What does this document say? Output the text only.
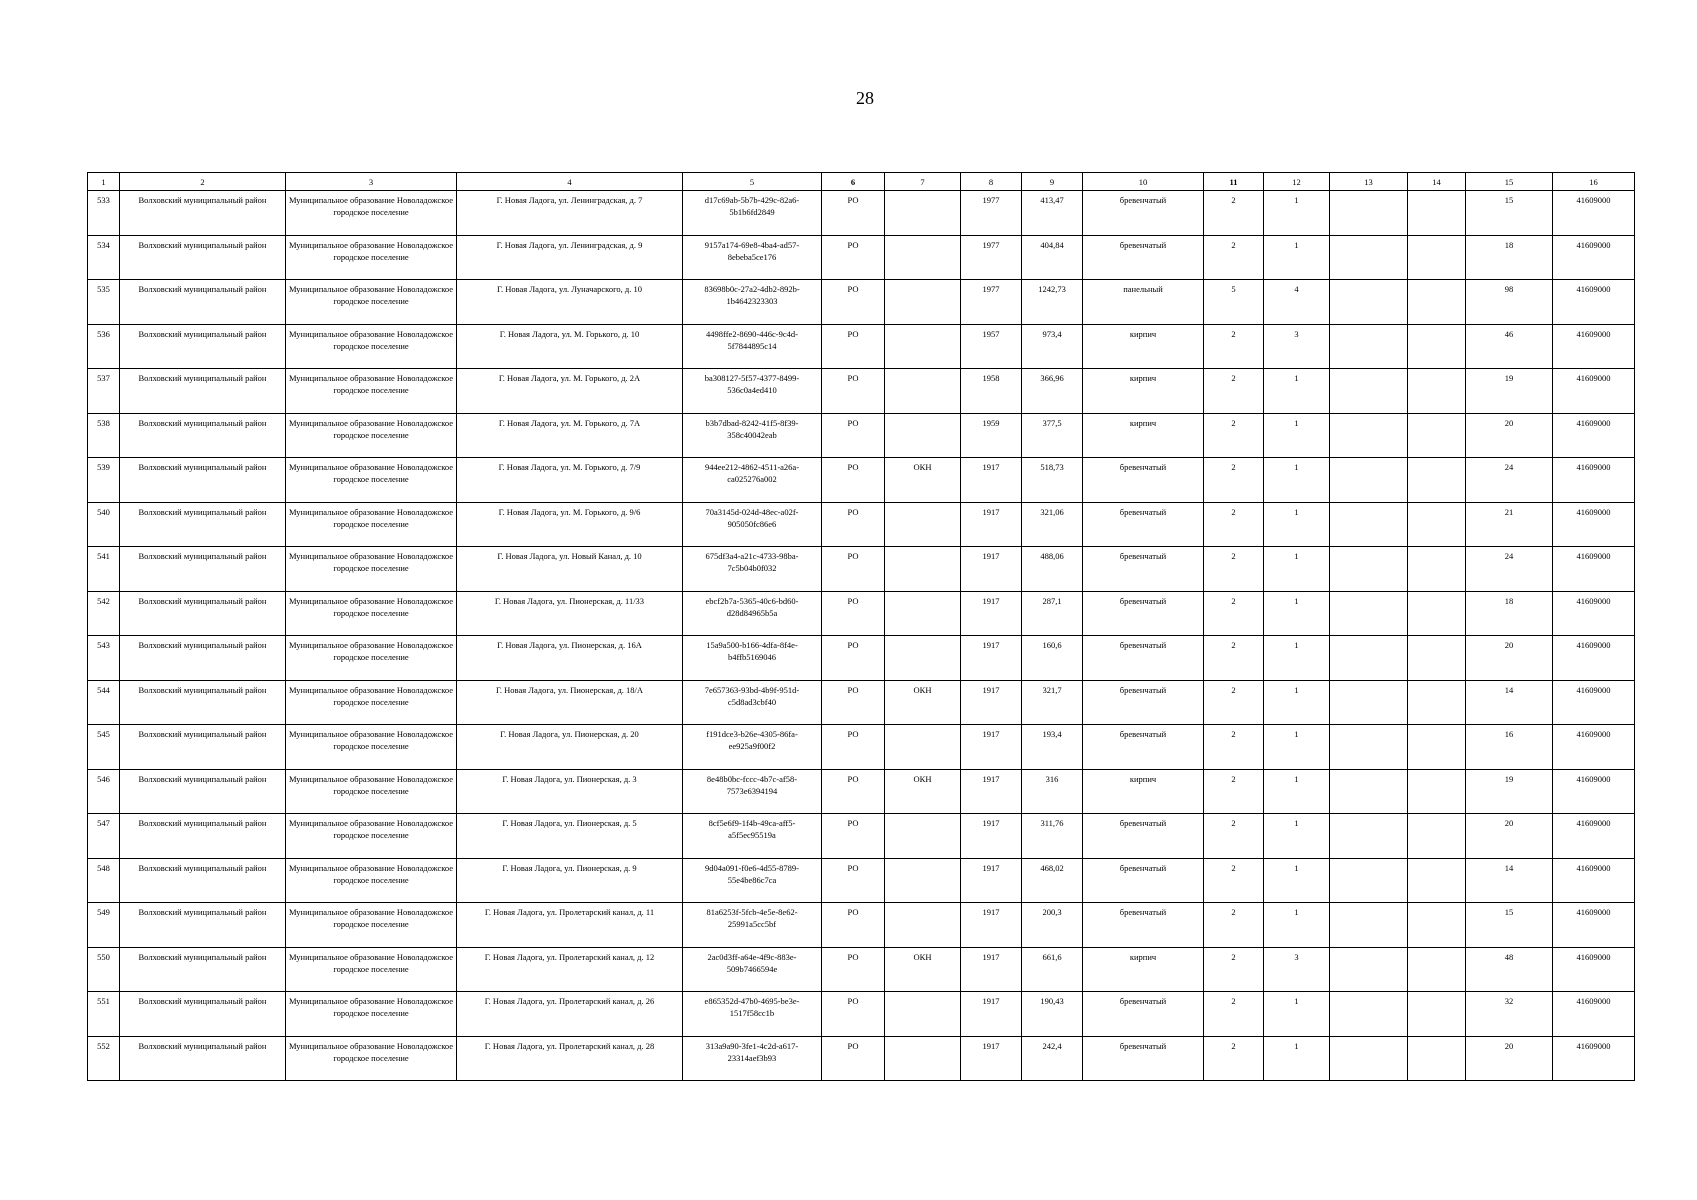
28
1	2	3	4	5	6	7	8	9	10	11	12	13	14	15	16
533	Волховский муниципальный район	Муниципальное образование Новоладожское городское поселение	Г. Новая Ладога, ул. Ленинградская, д. 7	d17c69ab-5b7b-429c-82a6-5b1b6fd2849	РО		1977	413,47	бревенчатый	2	1			15	41609000
534	Волховский муниципальный район	Муниципальное образование Новоладожское городское поселение	Г. Новая Ладога, ул. Ленинградская, д. 9	9157a174-69e8-4ba4-ad57-8ebeba5ce176	РО		1977	404,84	бревенчатый	2	1			18	41609000
535	Волховский муниципальный район	Муниципальное образование Новоладожское городское поселение	Г. Новая Ладога, ул. Луначарского, д. 10	83698b0c-27a2-4db2-892b-1b4642323303	РО		1977	1242,73	панельный	5	4			98	41609000
536	Волховский муниципальный район	Муниципальное образование Новоладожское городское поселение	Г. Новая Ладога, ул. М. Горького, д. 10	4498ffe2-8690-446c-9c4d-5f7844895c14	РО		1957	973,4	кирпич	2	3			46	41609000
537	Волховский муниципальный район	Муниципальное образование Новоладожское городское поселение	Г. Новая Ладога, ул. М. Горького, д. 2А	ba308127-5f57-4377-8499-536c0a4ed410	РО		1958	366,96	кирпич	2	1			19	41609000
538	Волховский муниципальный район	Муниципальное образование Новоладожское городское поселение	Г. Новая Ладога, ул. М. Горького, д. 7А	b3b7dbad-8242-41f5-8f39-358c40042eab	РО		1959	377,5	кирпич	2	1			20	41609000
539	Волховский муниципальный район	Муниципальное образование Новоладожское городское поселение	Г. Новая Ладога, ул. М. Горького, д. 7/9	944ee212-4862-4511-a26a-ca025276a002	РО	ОКН	1917	518,73	бревенчатый	2	1			24	41609000
540	Волховский муниципальный район	Муниципальное образование Новоладожское городское поселение	Г. Новая Ладога, ул. М. Горького, д. 9/6	70a3145d-024d-48ec-a02f-905050fc86e6	РО		1917	321,06	бревенчатый	2	1			21	41609000
541	Волховский муниципальный район	Муниципальное образование Новоладожское городское поселение	Г. Новая Ладога, ул. Новый Канал, д. 10	675df3a4-a21c-4733-98ba-7c5b04b0f032	РО		1917	488,06	бревенчатый	2	1			24	41609000
542	Волховский муниципальный район	Муниципальное образование Новоладожское городское поселение	Г. Новая Ладога, ул. Пионерская, д. 11/33	ebcf2b7a-5365-40c6-bd60-d28d84965b5a	РО		1917	287,1	бревенчатый	2	1			18	41609000
543	Волховский муниципальный район	Муниципальное образование Новоладожское городское поселение	Г. Новая Ладога, ул. Пионерская, д. 16А	15a9a500-b166-4dfa-8f4e-b4ffb5169046	РО		1917	160,6	бревенчатый	2	1			20	41609000
544	Волховский муниципальный район	Муниципальное образование Новоладожское городское поселение	Г. Новая Ладога, ул. Пионерская, д. 18/А	7e657363-93bd-4b9f-951d-c5d8ad3cbf40	РО	ОКН	1917	321,7	бревенчатый	2	1			14	41609000
545	Волховский муниципальный район	Муниципальное образование Новоладожское городское поселение	Г. Новая Ладога, ул. Пионерская, д. 20	f191dce3-b26e-4305-86fa-ee925a9f00f2	РО		1917	193,4	бревенчатый	2	1			16	41609000
546	Волховский муниципальный район	Муниципальное образование Новоладожское городское поселение	Г. Новая Ладога, ул. Пионерская, д. 3	8e48b0bc-fccc-4b7c-af58-7573e6394194	РО	ОКН	1917	316	кирпич	2	1			19	41609000
547	Волховский муниципальный район	Муниципальное образование Новоладожское городское поселение	Г. Новая Ладога, ул. Пионерская, д. 5	8cf5e6f9-1f4b-49ca-aff5-a5f5ec95519a	РО		1917	311,76	бревенчатый	2	1			20	41609000
548	Волховский муниципальный район	Муниципальное образование Новоладожское городское поселение	Г. Новая Ладога, ул. Пионерская, д. 9	9d04a091-f0e6-4d55-8789-55e4be86c7ca	РО		1917	468,02	бревенчатый	2	1			14	41609000
549	Волховский муниципальный район	Муниципальное образование Новоладожское городское поселение	Г. Новая Ладога, ул. Пролетарский канал, д. 11	81a6253f-5fcb-4e5e-8e62-25991a5cc5bf	РО		1917	200,3	бревенчатый	2	1			15	41609000
550	Волховский муниципальный район	Муниципальное образование Новоладожское городское поселение	Г. Новая Ладога, ул. Пролетарский канал, д. 12	2ac0d3ff-a64e-4f9c-883e-509b7466594e	РО	ОКН	1917	661,6	кирпич	2	3			48	41609000
551	Волховский муниципальный район	Муниципальное образование Новоладожское городское поселение	Г. Новая Ладога, ул. Пролетарский канал, д. 26	e865352d-47b0-4695-be3e-1517f58cc1b	РО		1917	190,43	бревенчатый	2	1			32	41609000
552	Волховский муниципальный район	Муниципальное образование Новоладожское городское поселение	Г. Новая Ладога, ул. Пролетарский канал, д. 28	313a9a90-3fe1-4c2d-a617-23314aef3b93	РО		1917	242,4	бревенчатый	2	1			20	41609000
